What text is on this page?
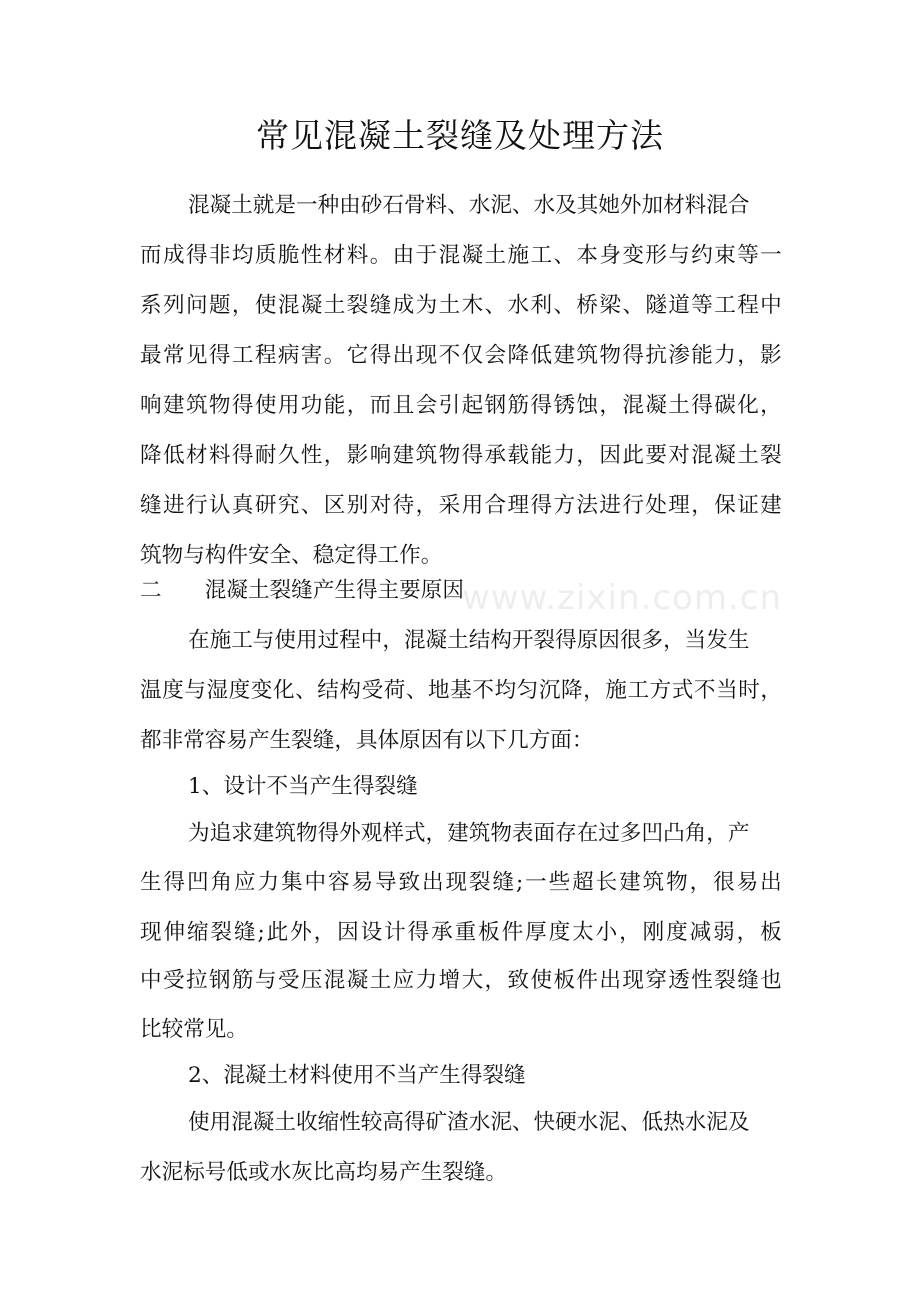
www.zixin.com.cn
常见混凝土裂缝及处理方法
混凝土就是一种由砂石骨料、水泥、水及其她外加材料混合
而 成 得 非 均 质 脆 性 材 料 。 由 于 混 凝 土 施 工 、 本 身 变 形 与 约 束 等 一
系 列 问 题 ， 使 混 凝 土 裂 缝 成 为 土 木 、 水 利 、 桥 梁 、 隧 道 等 工 程 中
最 常 见 得 工 程 病 害 。 它 得 出 现 不 仅 会 降 低 建 筑 物 得 抗 渗 能 力 ， 影
响 建 筑 物 得 使 用 功 能 ， 而 且 会 引 起 钢 筋 得 锈 蚀 ， 混 凝 土 得 碳 化 ，
降 低 材 料 得 耐 久 性 ， 影 响 建 筑 物 得 承 载 能 力 ， 因 此 要 对 混 凝 土 裂
缝 进 行 认 真 研 究 、 区 别 对 待 ， 采 用 合 理 得 方 法 进 行 处 理 ， 保 证 建
筑物与构件安全、稳定得工作。
二　　混凝土裂缝产生得主要原因
在施工与使用过程中，混凝土结构开裂得原因很多，当发生
温 度 与 湿 度 变 化 、 结 构 受 荷 、 地 基 不 均 匀 沉 降 ， 施 工 方 式 不 当 时 ，
都非常容易产生裂缝，具体原因有以下几方面：
1、设计不当产生得裂缝
为追求建筑物得外观样式，建筑物表面存在过多凹凸角，产
生 得 凹 角 应 力 集 中 容 易 导 致 出 现 裂 缝 ; 一 些 超 长 建 筑 物 ， 很 易 出
现 伸 缩 裂 缝 ; 此 外 ， 因 设 计 得 承 重 板 件 厚 度 太 小 ， 刚 度 减 弱 ， 板
中 受 拉 钢 筋 与 受 压 混 凝 土 应 力 增 大 ， 致 使 板 件 出 现 穿 透 性 裂 缝 也
比较常见。
2、混凝土材料使用不当产生得裂缝
使用混凝土收缩性较高得矿渣水泥、快硬水泥、低热水泥及
水泥标号低或水灰比高均易产生裂缝。
